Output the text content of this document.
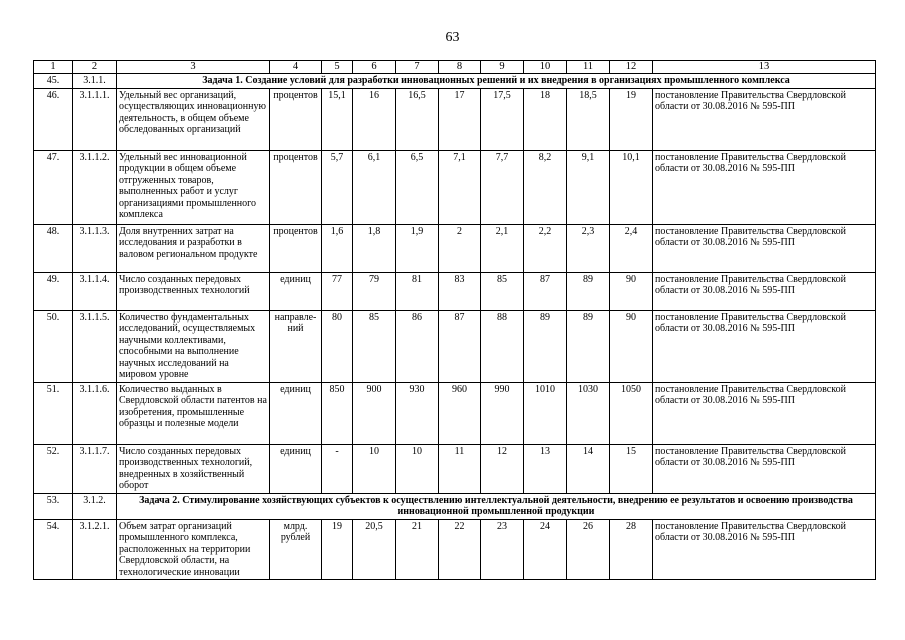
63
1	2	3	4	5	6	7	8	9	10	11	12	13
45.	3.1.1.	Задача 1. Создание условий для разработки инновационных решений и их внедрения в организациях промышленного комплекса										
46.	3.1.1.1.	Удельный вес организаций, осуществляющих инновационную деятельность, в общем объеме обследованных организаций	процентов	15,1	16	16,5	17	17,5	18	18,5	19	постановление Правительства Свердловской области от 30.08.2016 № 595-ПП
47.	3.1.1.2.	Удельный вес инновационной продукции в общем объеме отгруженных товаров, выполненных работ и услуг организациями промышленного комплекса	процентов	5,7	6,1	6,5	7,1	7,7	8,2	9,1	10,1	постановление Правительства Свердловской области от 30.08.2016 № 595-ПП
48.	3.1.1.3.	Доля внутренних затрат на исследования и разработки в валовом региональном продукте	процентов	1,6	1,8	1,9	2	2,1	2,2	2,3	2,4	постановление Правительства Свердловской области от 30.08.2016 № 595-ПП
49.	3.1.1.4.	Число созданных передовых производственных технологий	единиц	77	79	81	83	85	87	89	90	постановление Правительства Свердловской области от 30.08.2016 № 595-ПП
50.	3.1.1.5.	Количество фундаментальных исследований, осуществляемых научными коллективами, способными на выполнение научных исследований на мировом уровне	направле-ний	80	85	86	87	88	89	89	90	постановление Правительства Свердловской области от 30.08.2016 № 595-ПП
51.	3.1.1.6.	Количество выданных в Свердловской области патентов на изобретения, промышленные образцы и полезные модели	единиц	850	900	930	960	990	1010	1030	1050	постановление Правительства Свердловской области от 30.08.2016 № 595-ПП
52.	3.1.1.7.	Число созданных передовых производственных технологий, внедренных в хозяйственный оборот	единиц	-	10	10	11	12	13	14	15	постановление Правительства Свердловской области от 30.08.2016 № 595-ПП
53.	3.1.2.	Задача 2. Стимулирование хозяйствующих субъектов к осуществлению интеллектуальной деятельности, внедрению ее результатов и освоению производства инновационной промышленной продукции										
54.	3.1.2.1.	Объем затрат организаций промышленного комплекса, расположенных на территории Свердловской области, на технологические инновации	млрд. рублей	19	20,5	21	22	23	24	26	28	постановление Правительства Свердловской области от 30.08.2016 № 595-ПП
